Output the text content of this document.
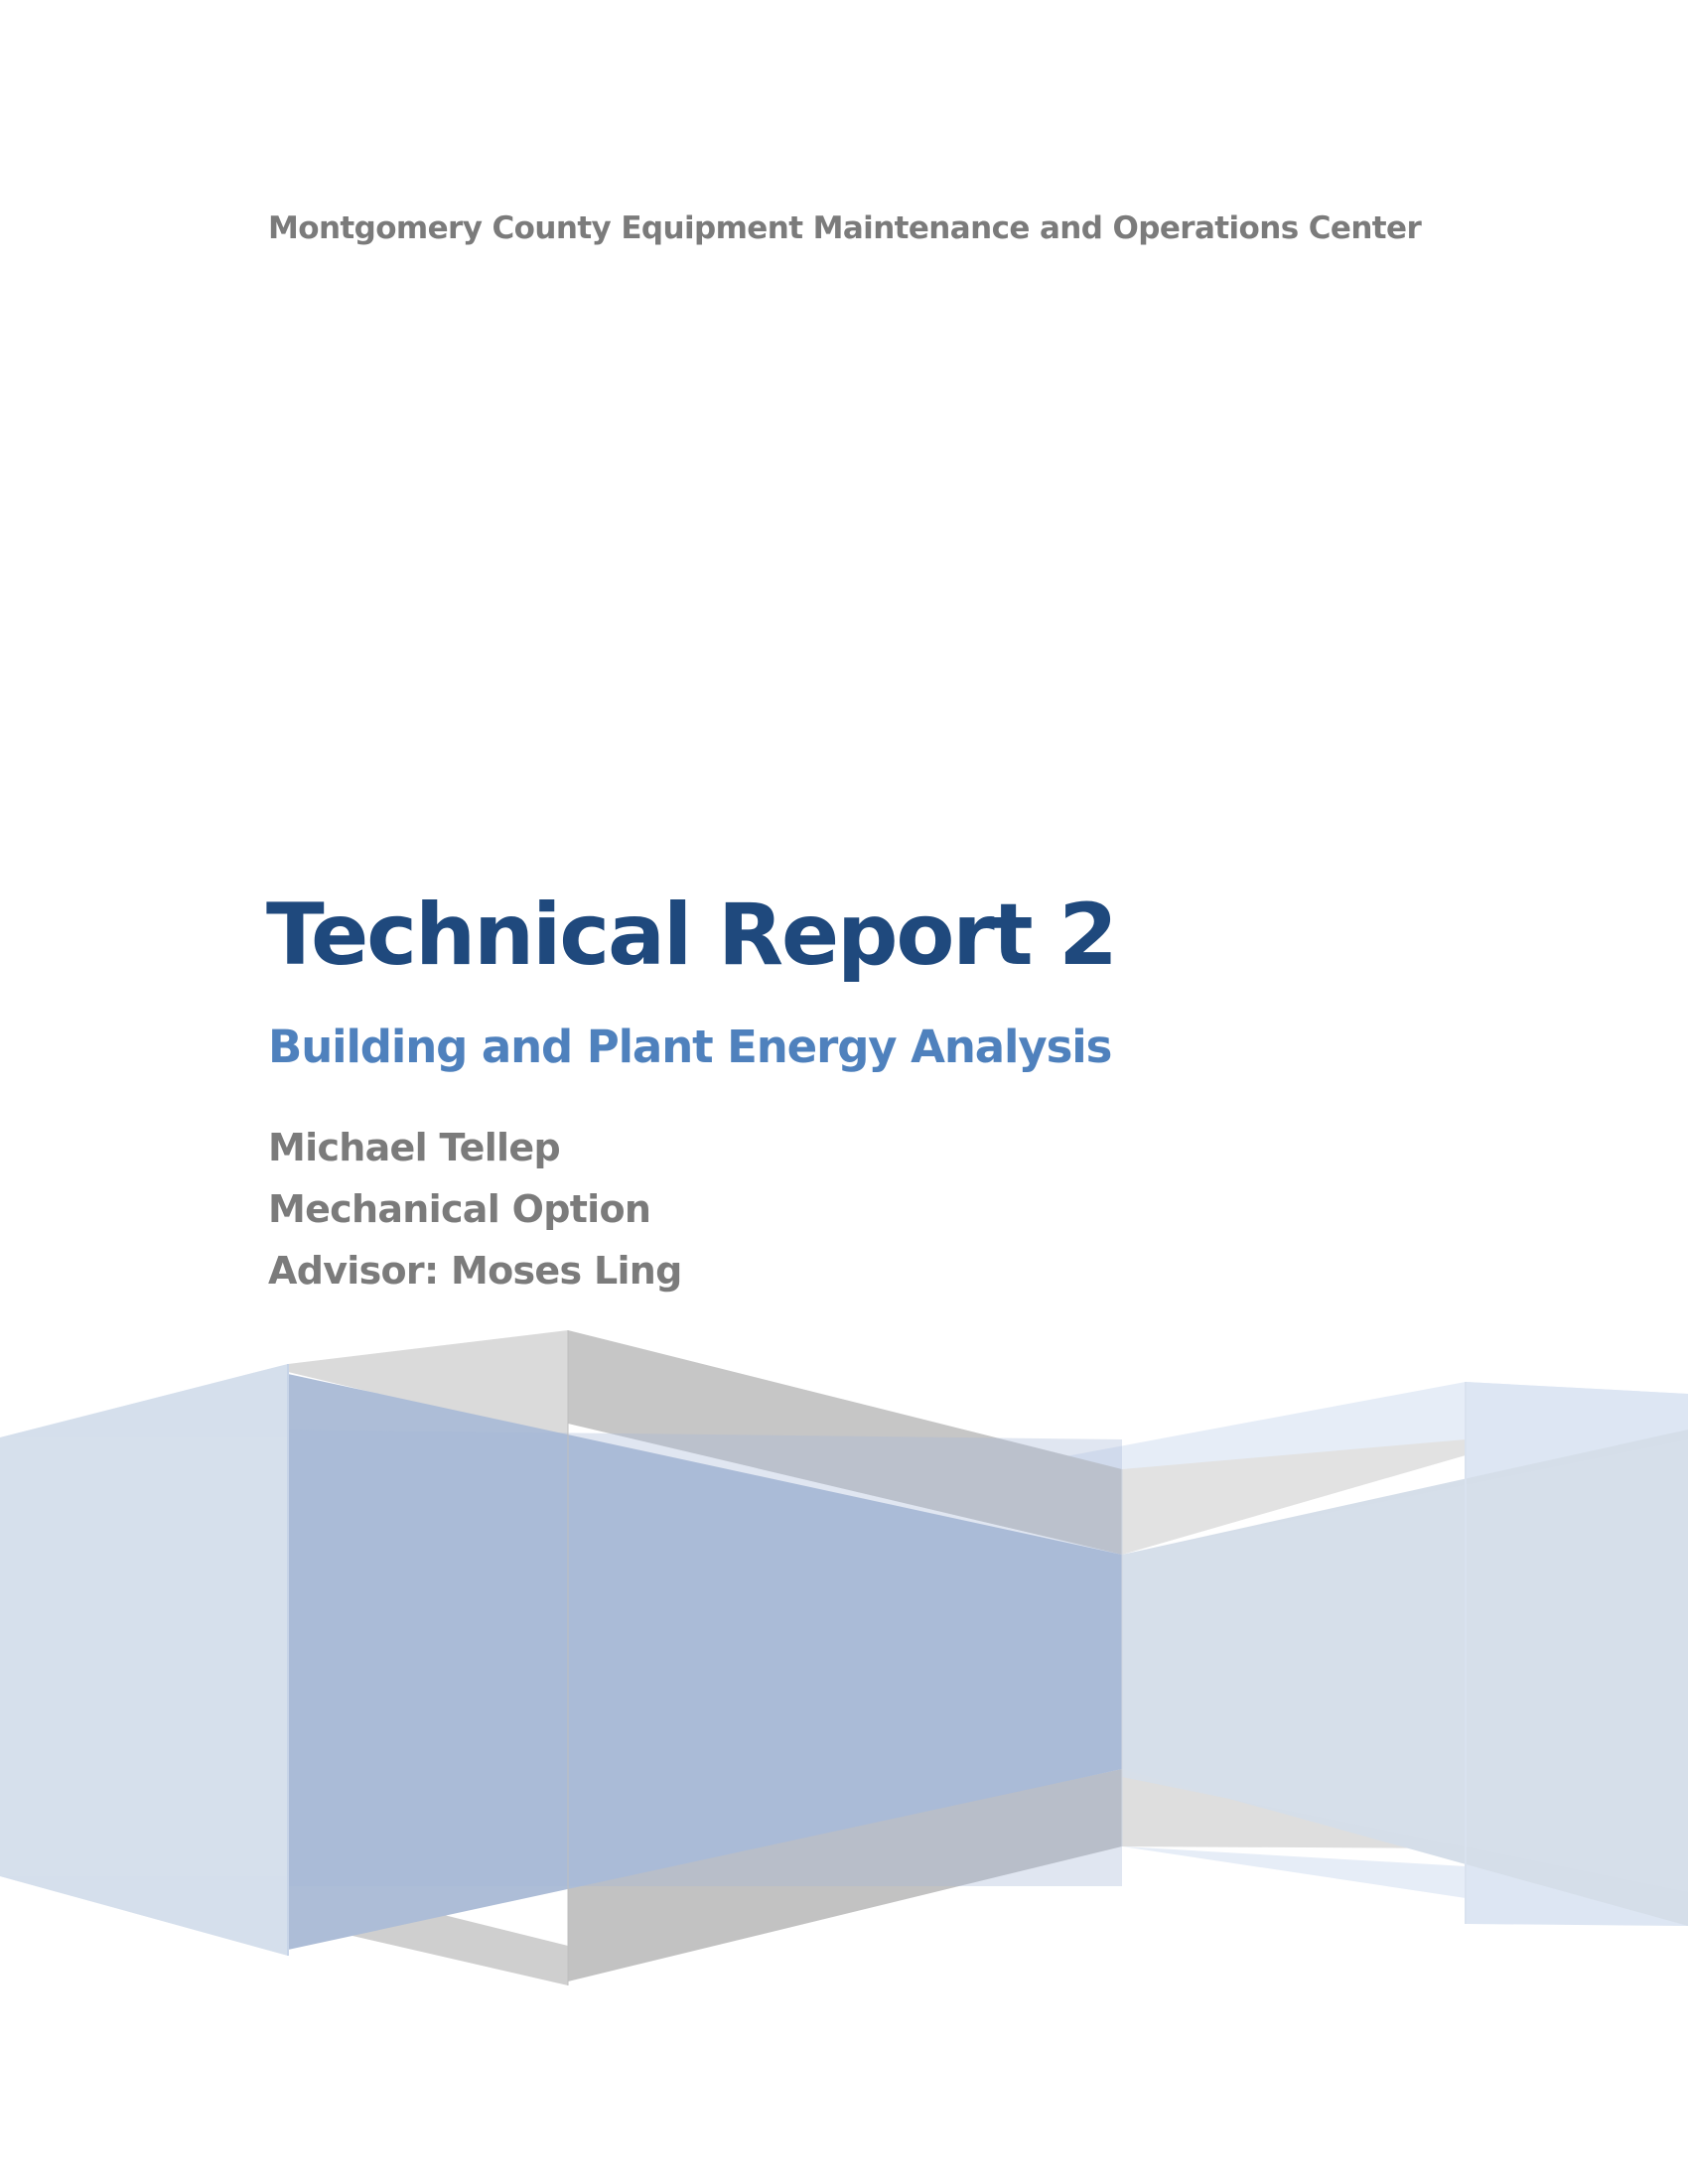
Montgomery County Equipment Maintenance and Operations Center
Technical Report 2
Building and Plant Energy Analysis
Michael Tellep
Mechanical Option
Advisor: Moses Ling
